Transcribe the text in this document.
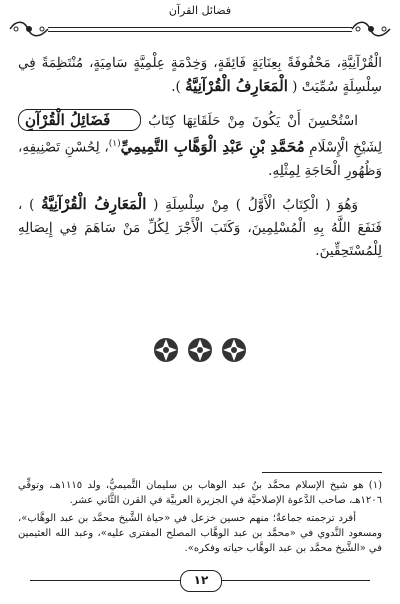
فضائل القرآن

الْقُرْآنِيَّةِ، مَحْفُوفَةً بِعِنَايَةٍ فَائِقَةٍ، وَخِدْمَةٍ عِلْمِيَّةٍ سَامِيَةٍ، مُنْتَظِمَةً فِي سِلْسِلَةٍ سُمِّيَتْ ( الْمَعَارِفُ الْقُرْآنِيَّةُ ).

اسْتُحْسِنَ أَنْ يَكُونَ مِنْ حَلَقَاتِهَا كِتَابُ فَضَائِلُ الْقُرْآنِ لِشَيْخِ الْإِسْلَامِ مُحَمَّدِ بْنِ عَبْدِ الْوَهَّابِ التَّمِيمِيِّ$^{(١)}$، لِحُسْنِ تَصْنِيفِهِ، وَظُهُورِ الْحَاجَةِ لِمِثْلِهِ.

وَهُوَ ( الْكِتَابُ الْأَوَّلُ ) مِنْ سِلْسِلَةِ ( الْمَعَارِفُ الْقُرْآنِيَّةُ ) ، فَنَفَعَ اللَّهُ بِهِ الْمُسْلِمِينَ، وَكَتَبَ الْأَجْرَ لِكُلِّ مَنْ سَاهَمَ فِي إِيصَالِهِ لِلْمُسْتَحِقِّينَ.

(١) هو شيخ الإسلام محمَّد بنُ عبد الوهاب بن سليمان التَّميميُّ، ولد ١١١٥هـ، وتوفِّي ١٢٠٦هـ، صاحب الدَّعوة الإصلاحيَّة في الجزيرة العربيَّة في القرن الثَّاني عشر.

أفرد ترجمته جماعةٌ؛ منهم حسين خزعل في «حياة الشَّيخ محمَّد بن عبد الوهَّاب»، ومسعود النَّدوي في «محمَّد بن عبد الوهَّاب المصلح المفترى عليه»، وعبد الله العثيمين في «الشَّيخ محمَّد بن عبد الوهَّاب حياته وفكره».

١٢
